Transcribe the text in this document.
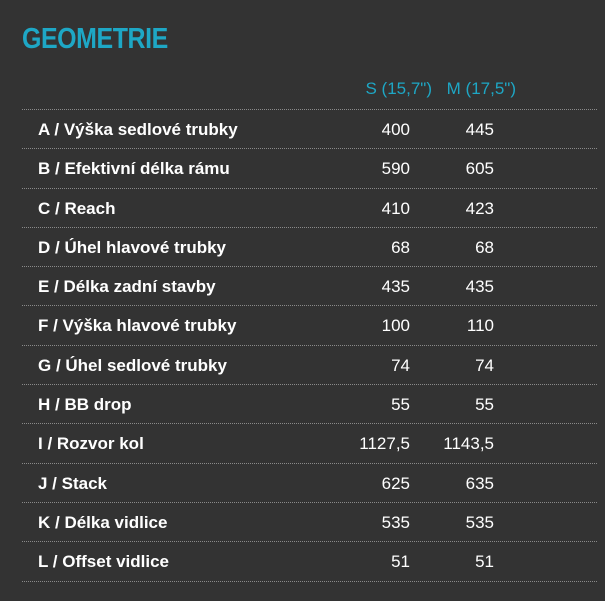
GEOMETRIE
S (15,7") M (17,5")
A / Výška sedlové trubky	400	445
B / Efektivní délka rámu	590	605
C / Reach	410	423
D / Úhel hlavové trubky	68	68
E / Délka zadní stavby	435	435
F / Výška hlavové trubky	100	110
G / Úhel sedlové trubky	74	74
H / BB drop	55	55
I / Rozvor kol	1127,5 1143,5
J / Stack	625	635
K / Délka vidlice	535	535
L / Offset vidlice	51	51
